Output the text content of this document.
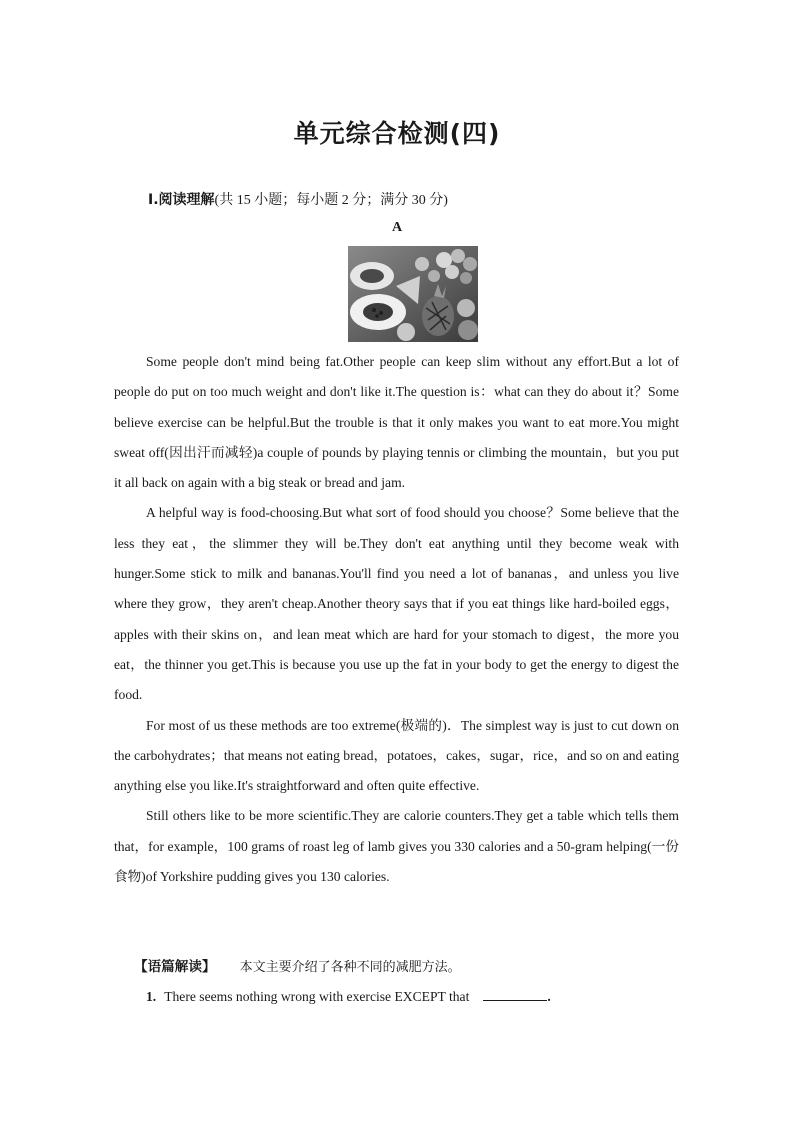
单元综合检测(四)
Ⅰ.阅读理解(共 15 小题；每小题 2 分；满分 30 分)
A

Some people don't mind being fat.Other people can keep slim without any effort.But a lot of people do put on too much weight and don't like it.The question is：what can they do about it？Some believe exercise can be helpful.But the trouble is that it only makes you want to eat more.You might sweat off(因出汗而减轻)a couple of pounds by playing tennis or climbing the mountain，but you put it all back on again with a big steak or bread and jam.

A helpful way is food-choosing.But what sort of food should you choose？Some believe that the less they eat，the slimmer they will be.They don't eat anything until they become weak with hunger.Some stick to milk and bananas.You'll find you need a lot of bananas，and unless you live where they grow，they aren't cheap.Another theory says that if you eat things like hard-boiled eggs，apples with their skins on，and lean meat which are hard for your stomach to digest，the more you eat，the thinner you get.This is because you use up the fat in your body to get the energy to digest the food.

For most of us these methods are too extreme(极端的)．The simplest way is just to cut down on the carbohydrates；that means not eating bread，potatoes，cakes，sugar，rice，and so on and eating anything else you like.It's straightforward and often quite effective.

Still others like to be more scientific.They are calorie counters.They get a table which tells them that，for example，100 grams of roast leg of lamb gives you 330 calories and a 50-gram helping(一份食物)of Yorkshire pudding gives you 130 calories.

【语篇解读】 本文主要介绍了各种不同的减肥方法。
1. There seems nothing wrong with exercise EXCEPT that	.
